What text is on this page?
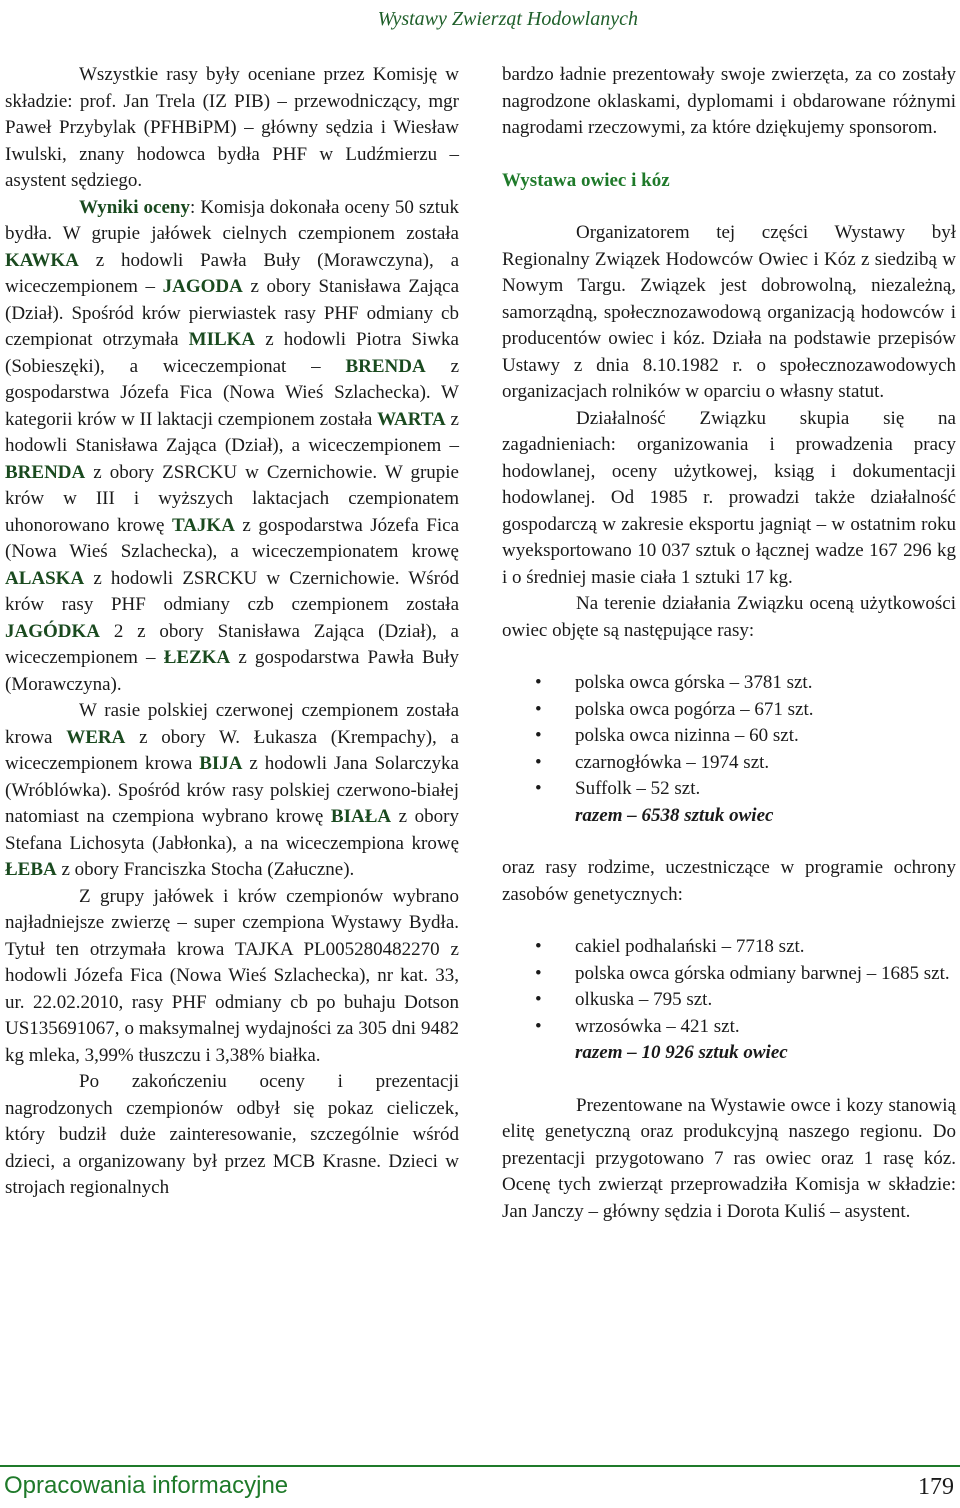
Wystawy Zwierząt Hodowlanych

Wszystkie rasy były oceniane przez Komisję w składzie: prof. Jan Trela (IZ PIB) – przewodniczący, mgr Paweł Przybylak (PFHBiPM) – główny sędzia i Wiesław Iwulski, znany hodowca bydła PHF w Ludźmierzu – asystent sędziego.

Wyniki oceny: Komisja dokonała oceny 50 sztuk bydła. W grupie jałówek cielnych czempionem została KAWKA z hodowli Pawła Buły (Morawczyna), a wiceczempionem – JAGODA z obory Stanisława Zająca (Dział). Spośród krów pierwiastek rasy PHF odmiany cb czempionat otrzymała MILKA z hodowli Piotra Siwka (Sobieszęki), a wiceczempionat – BRENDA z gospodarstwa Józefa Fica (Nowa Wieś Szlachecka). W kategorii krów w II laktacji czempionem została WARTA z hodowli Stanisława Zająca (Dział), a wiceczempionem – BRENDA z obory ZSRCKU w Czernichowie. W grupie krów w III i wyższych laktacjach czempionatem uhonorowano krowę TAJKA z gospodarstwa Józefa Fica (Nowa Wieś Szlachecka), a wiceczempionatem krowę ALASKA z hodowli ZSRCKU w Czernichowie. Wśród krów rasy PHF odmiany czb czempionem została JAGÓDKA 2 z obory Stanisława Zająca (Dział), a wiceczempionem – ŁEZKA z gospodarstwa Pawła Buły (Morawczyna).

W rasie polskiej czerwonej czempionem została krowa WERA z obory W. Łukasza (Krempachy), a wiceczempionem krowa BIJA z hodowli Jana Solarczyka (Wróblówka). Spośród krów rasy polskiej czerwono-białej natomiast na czempiona wybrano krowę BIAŁA z obory Stefana Lichosyta (Jabłonka), a na wiceczempiona krowę ŁEBA z obory Franciszka Stocha (Załuczne).

Z grupy jałówek i krów czempionów wybrano najładniejsze zwierzę – super czempiona Wystawy Bydła. Tytuł ten otrzymała krowa TAJKA PL005280482270 z hodowli Józefa Fica (Nowa Wieś Szlachecka), nr kat. 33, ur. 22.02.2010, rasy PHF odmiany cb po buhaju Dotson US135691067, o maksymalnej wydajności za 305 dni 9482 kg mleka, 3,99% tłuszczu i 3,38% białka.

Po zakończeniu oceny i prezentacji nagrodzonych czempionów odbył się pokaz cieliczek, który budził duże zainteresowanie, szczególnie wśród dzieci, a organizowany był przez MCB Krasne. Dzieci w strojach regionalnych

bardzo ładnie prezentowały swoje zwierzęta, za co zostały nagrodzone oklaskami, dyplomami i obdarowane różnymi nagrodami rzeczowymi, za które dziękujemy sponsorom.

Wystawa owiec i kóz

Organizatorem tej części Wystawy był Regionalny Związek Hodowców Owiec i Kóz z siedzibą w Nowym Targu. Związek jest dobrowolną, niezależną, samorządną, społecznozawodową organizacją hodowców i producentów owiec i kóz. Działa na podstawie przepisów Ustawy z dnia 8.10.1982 r. o społecznozawodowych organizacjach rolników w oparciu o własny statut.

Działalność Związku skupia się na zagadnieniach: organizowania i prowadzenia pracy hodowlanej, oceny użytkowej, ksiąg i dokumentacji hodowlanej. Od 1985 r. prowadzi także działalność gospodarczą w zakresie eksportu jagniąt – w ostatnim roku wyeksportowano 10 037 sztuk o łącznej wadze 167 296 kg i o średniej masie ciała 1 sztuki 17 kg.

Na terenie działania Związku oceną użytkowości owiec objęte są następujące rasy:

• polska owca górska – 3781 szt.
• polska owca pogórza – 671 szt.
• polska owca nizinna – 60 szt.
• czarnogłówka – 1974 szt.
• Suffolk – 52 szt.

razem – 6538 sztuk owiec

oraz rasy rodzime, uczestniczące w programie ochrony zasobów genetycznych:

• cakiel podhalański – 7718 szt.
• polska owca górska odmiany barwnej – 1685 szt.
• olkuska – 795 szt.
• wrzosówka – 421 szt.

razem – 10 926 sztuk owiec

Prezentowane na Wystawie owce i kozy stanowią elitę genetyczną oraz produkcyjną naszego regionu. Do prezentacji przygotowano 7 ras owiec oraz 1 rasę kóz. Ocenę tych zwierząt przeprowadziła Komisja w składzie: Jan Janczy – główny sędzia i Dorota Kuliś – asystent.

Opracowania informacyjne	179
